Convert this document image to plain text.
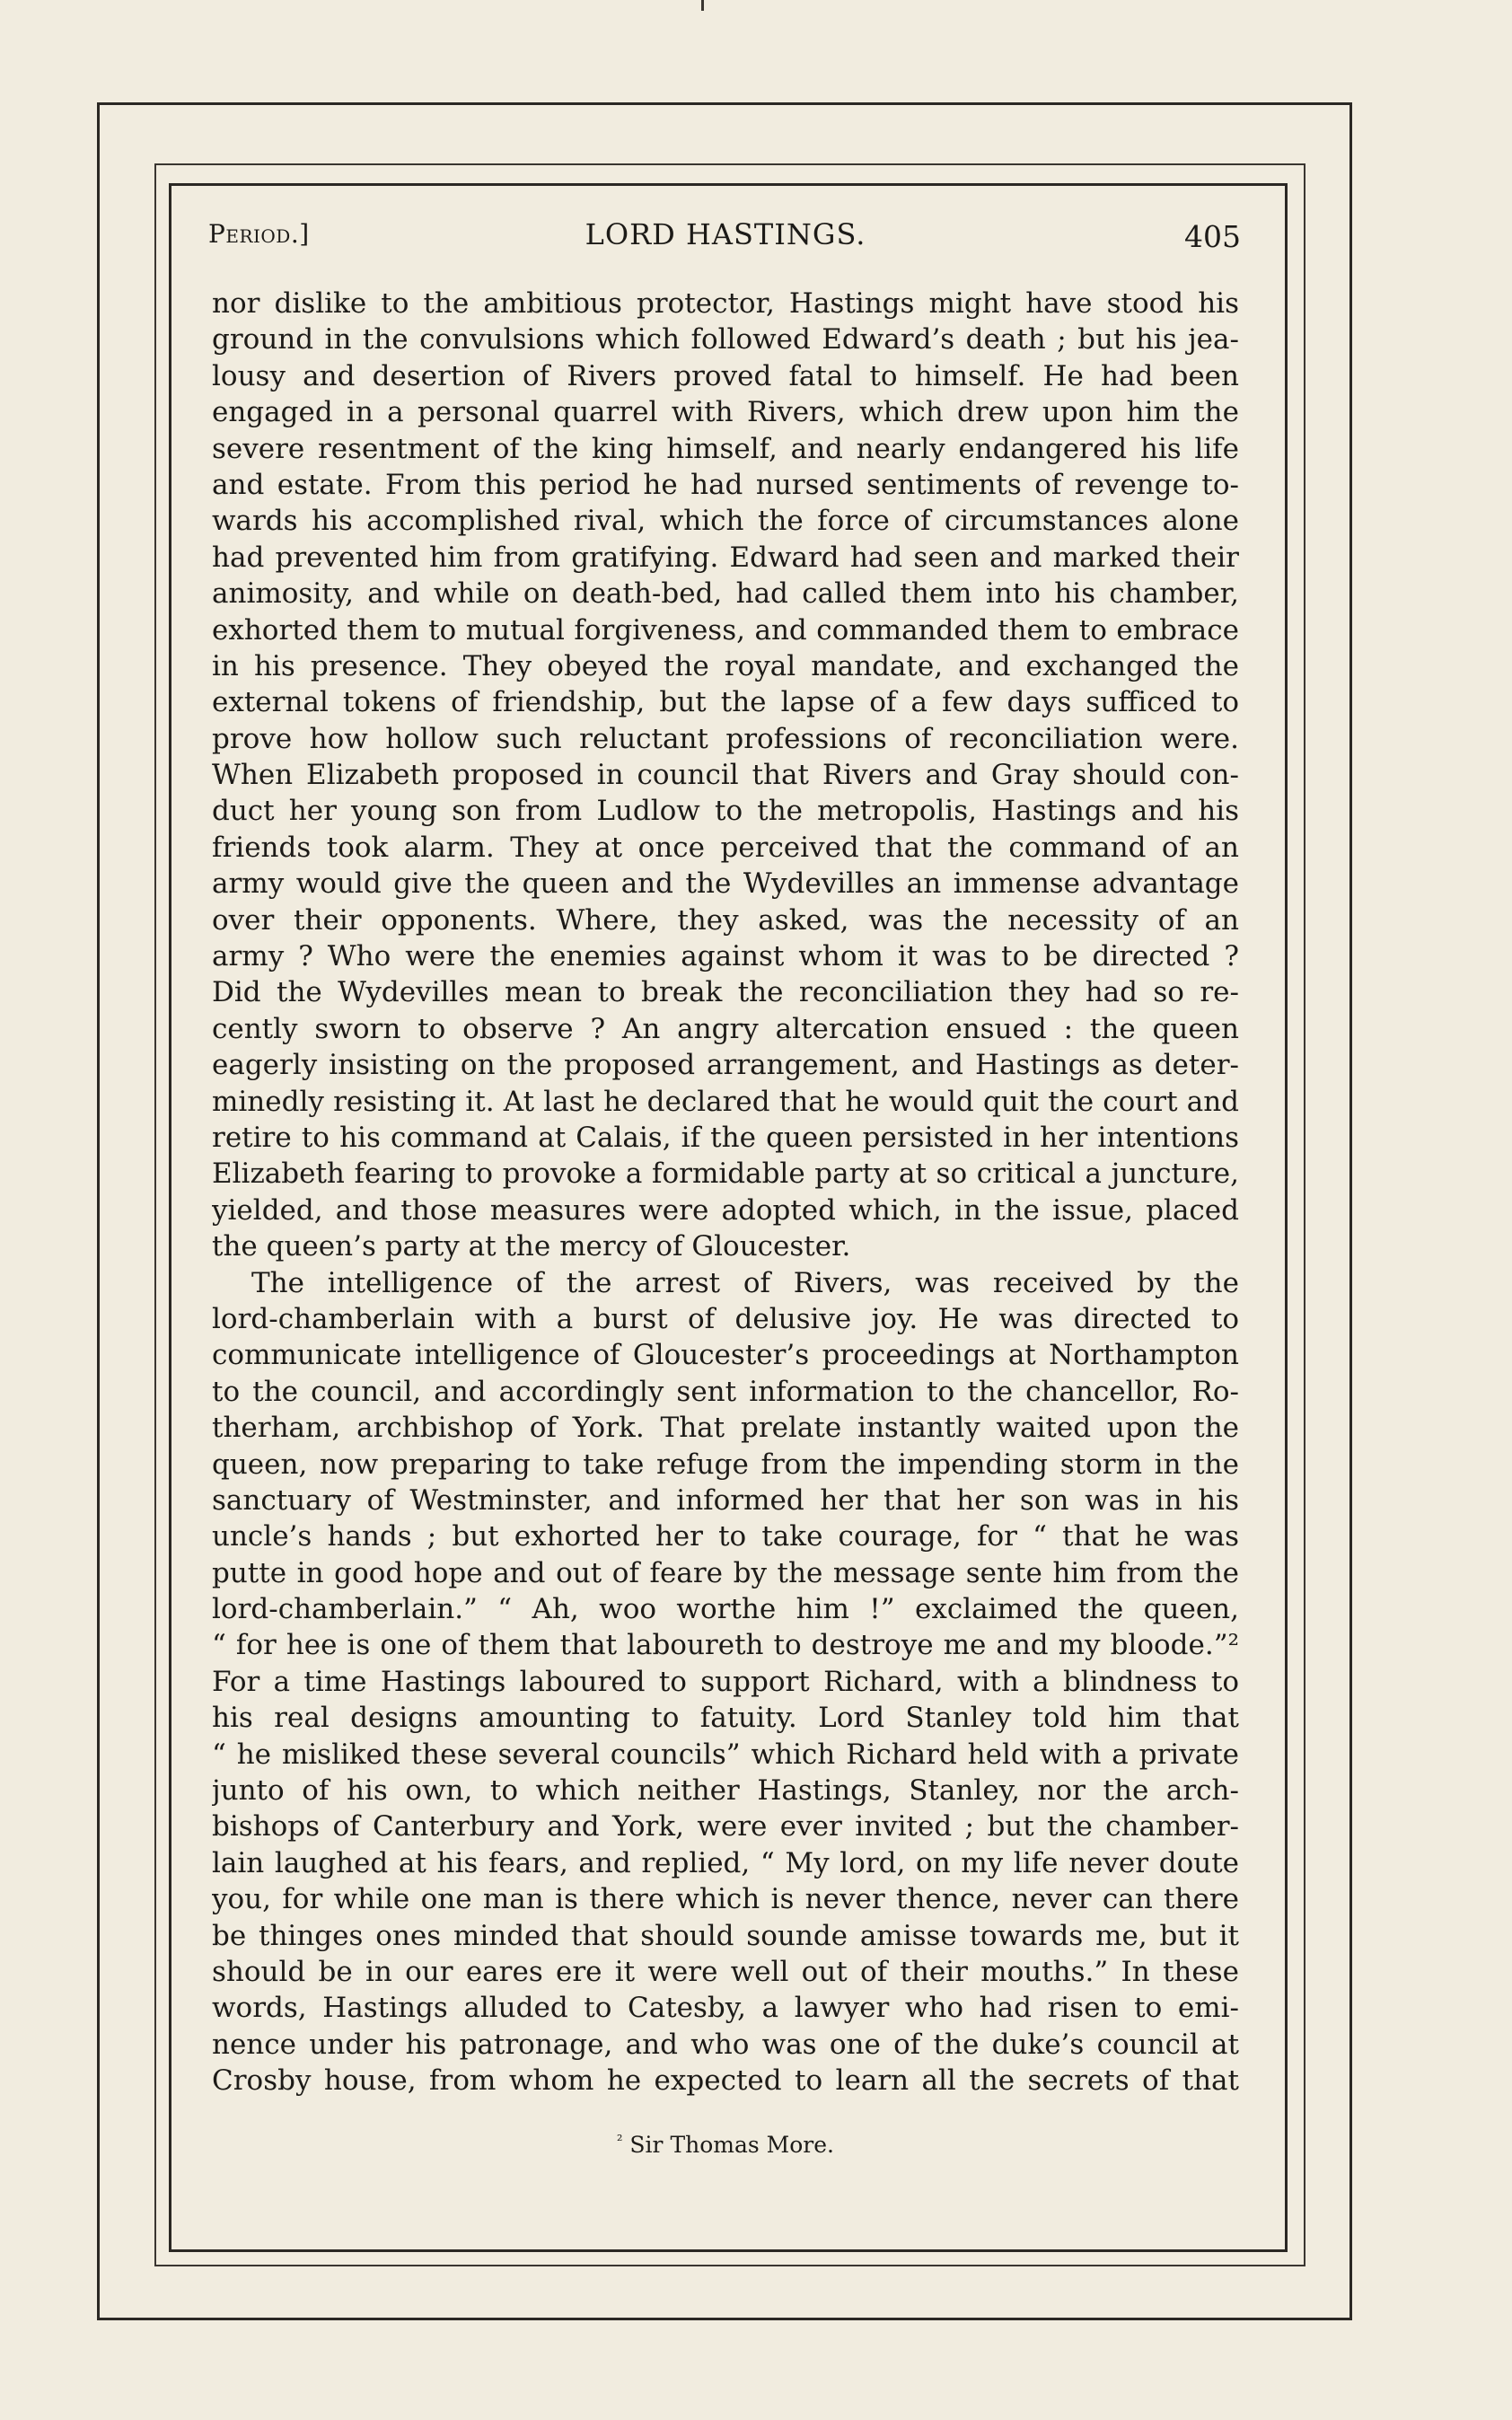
Period.]	LORD HASTINGS.	405
nor dislike to the ambitious protector, Hastings might have stood his
ground in the convulsions which followed Edward’s death ; but his jea-
lousy and desertion of Rivers proved fatal to himself. He had been
engaged in a personal quarrel with Rivers, which drew upon him the
severe resentment of the king himself, and nearly endangered his life
and estate. From this period he had nursed sentiments of revenge to-
wards his accomplished rival, which the force of circumstances alone
had prevented him from gratifying. Edward had seen and marked their
animosity, and while on death-bed, had called them into his chamber,
exhorted them to mutual forgiveness, and commanded them to embrace
in his presence. They obeyed the royal mandate, and exchanged the
external tokens of friendship, but the lapse of a few days sufficed to
prove how hollow such reluctant professions of reconciliation were.
When Elizabeth proposed in council that Rivers and Gray should con-
duct her young son from Ludlow to the metropolis, Hastings and his
friends took alarm. They at once perceived that the command of an
army would give the queen and the Wydevilles an immense advantage
over their opponents. Where, they asked, was the necessity of an
army ? Who were the enemies against whom it was to be directed ?
Did the Wydevilles mean to break the reconciliation they had so re-
cently sworn to observe ? An angry altercation ensued : the queen
eagerly insisting on the proposed arrangement, and Hastings as deter-
minedly resisting it. At last he declared that he would quit the court and
retire to his command at Calais, if the queen persisted in her intentions
Elizabeth fearing to provoke a formidable party at so critical a juncture,
yielded, and those measures were adopted which, in the issue, placed
the queen’s party at the mercy of Gloucester.
The intelligence of the arrest of Rivers, was received by the
lord-chamberlain with a burst of delusive joy. He was directed to
communicate intelligence of Gloucester’s proceedings at Northampton
to the council, and accordingly sent information to the chancellor, Ro-
therham, archbishop of York. That prelate instantly waited upon the
queen, now preparing to take refuge from the impending storm in the
sanctuary of Westminster, and informed her that her son was in his
uncle’s hands ; but exhorted her to take courage, for “ that he was
putte in good hope and out of feare by the message sente him from the
lord-chamberlain.” “ Ah, woo worthe him !” exclaimed the queen,
“ for hee is one of them that laboureth to destroye me and my bloode.”²
For a time Hastings laboured to support Richard, with a blindness to
his real designs amounting to fatuity. Lord Stanley told him that
“ he misliked these several councils” which Richard held with a private
junto of his own, to which neither Hastings, Stanley, nor the arch-
bishops of Canterbury and York, were ever invited ; but the chamber-
lain laughed at his fears, and replied, “ My lord, on my life never doute
you, for while one man is there which is never thence, never can there
be thinges ones minded that should sounde amisse towards me, but it
should be in our eares ere it were well out of their mouths.” In these
words, Hastings alluded to Catesby, a lawyer who had risen to emi-
nence under his patronage, and who was one of the duke’s council at
Crosby house, from whom he expected to learn all the secrets of that
$^{^2}$ Sir Thomas More.
